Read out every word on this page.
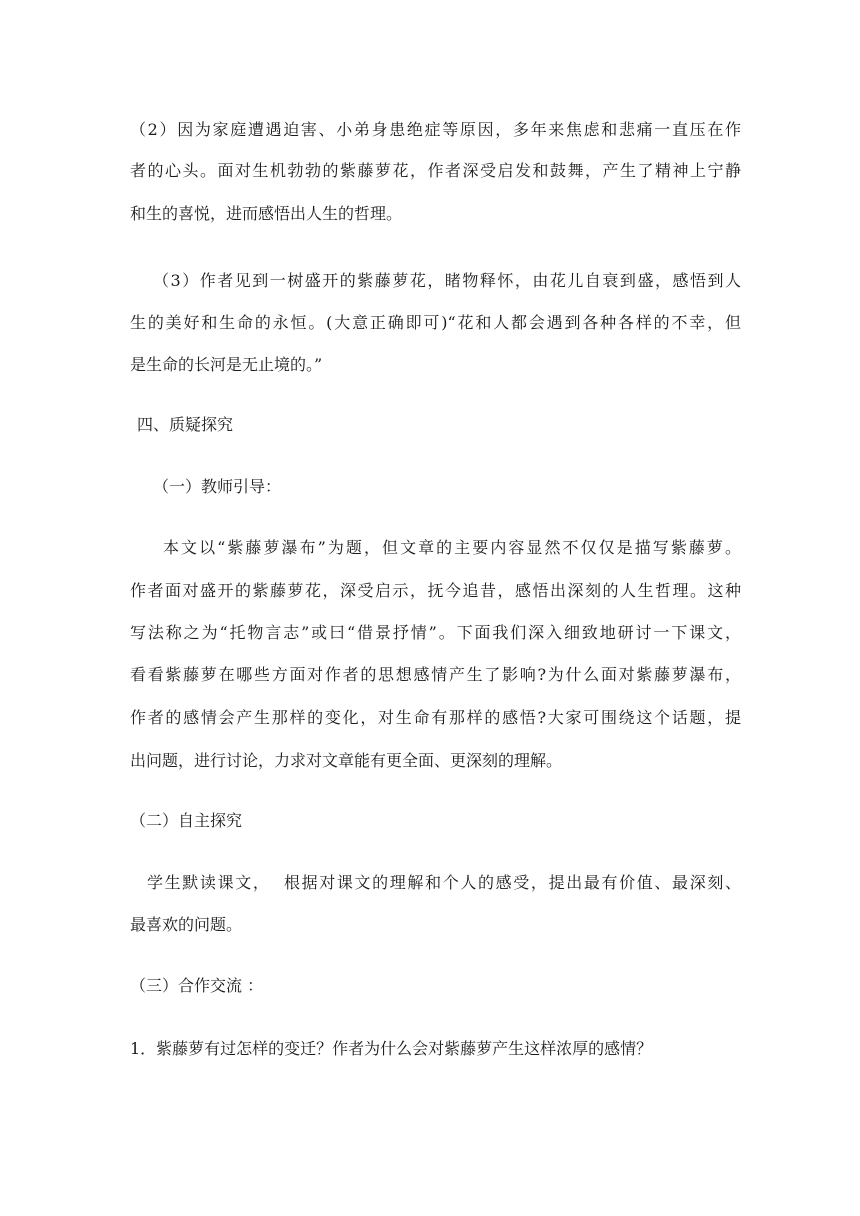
（2）因为家庭遭遇迫害、小弟身患绝症等原因，多年来焦虑和悲痛一直压在作
者的心头。面对生机勃勃的紫藤萝花，作者深受启发和鼓舞，产生了精神上宁静
和生的喜悦，进而感悟出人生的哲理。
（3）作者见到一树盛开的紫藤萝花，睹物释怀，由花儿自衰到盛，感悟到人
生的美好和生命的永恒。(大意正确即可)“花和人都会遇到各种各样的不幸，但
是生命的长河是无止境的。”
四、质疑探究
（一）教师引导：
本文以“紫藤萝瀑布”为题，但文章的主要内容显然不仅仅是描写紫藤萝。
作者面对盛开的紫藤萝花，深受启示，抚今追昔，感悟出深刻的人生哲理。这种
写法称之为“托物言志”或曰“借景抒情”。下面我们深入细致地研讨一下课文，
看看紫藤萝在哪些方面对作者的思想感情产生了影响?为什么面对紫藤萝瀑布，
作者的感情会产生那样的变化，对生命有那样的感悟?大家可围绕这个话题，提
出问题，进行讨论，力求对文章能有更全面、更深刻的理解。
（二）自主探究
学生默读课文，  根据对课文的理解和个人的感受，提出最有价值、最深刻、
最喜欢的问题。
（三）合作交流 ：
1．紫藤萝有过怎样的变迁？作者为什么会对紫藤萝产生这样浓厚的感情？
